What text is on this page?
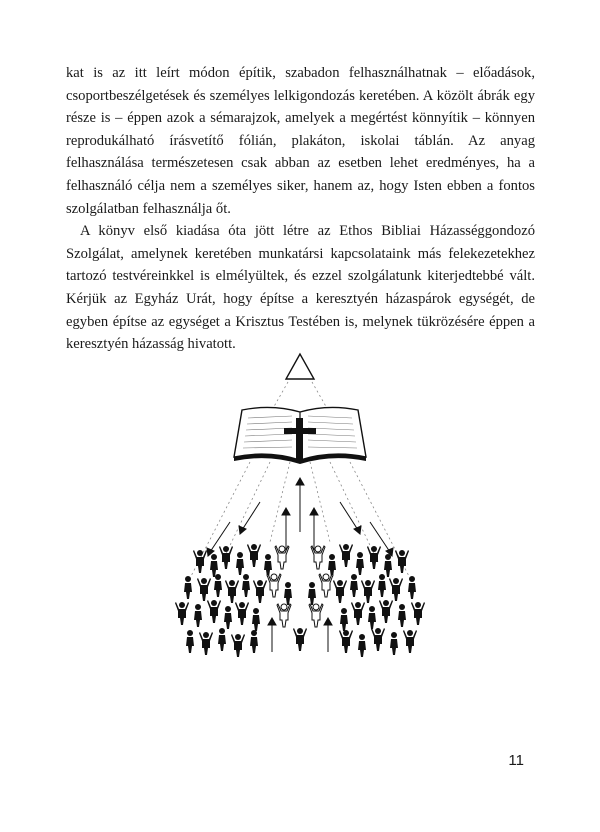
kat is az itt leírt módon építik, szabadon felhasználhatnak – előadások, csoportbeszélgetések és személyes lelkigondozás keretében. A közölt ábrák egy része is – éppen azok a sémarajzok, amelyek a megértést könnyítik – könnyen reprodukálható írásvetítő fólián, plakáton, iskolai táblán. Az anyag felhasználása természetesen csak abban az esetben lehet eredményes, ha a felhasználó célja nem a személyes siker, hanem az, hogy Isten ebben a fontos szolgálatban felhasználja őt.

A könyv első kiadása óta jött létre az Ethos Bibliai Házasséggondozó Szolgálat, amelynek keretében munkatársi kapcsolataink más felekezetekhez tartozó testvéreinkkel is elmélyültek, és ezzel szolgálatunk kiterjedtebbé vált. Kérjük az Egyház Urát, hogy építse a keresztyén házaspárok egységét, de egyben építse az egységet a Krisztus Testében is, melynek tükrözésére éppen a keresztyén házasság hivatott.

11
